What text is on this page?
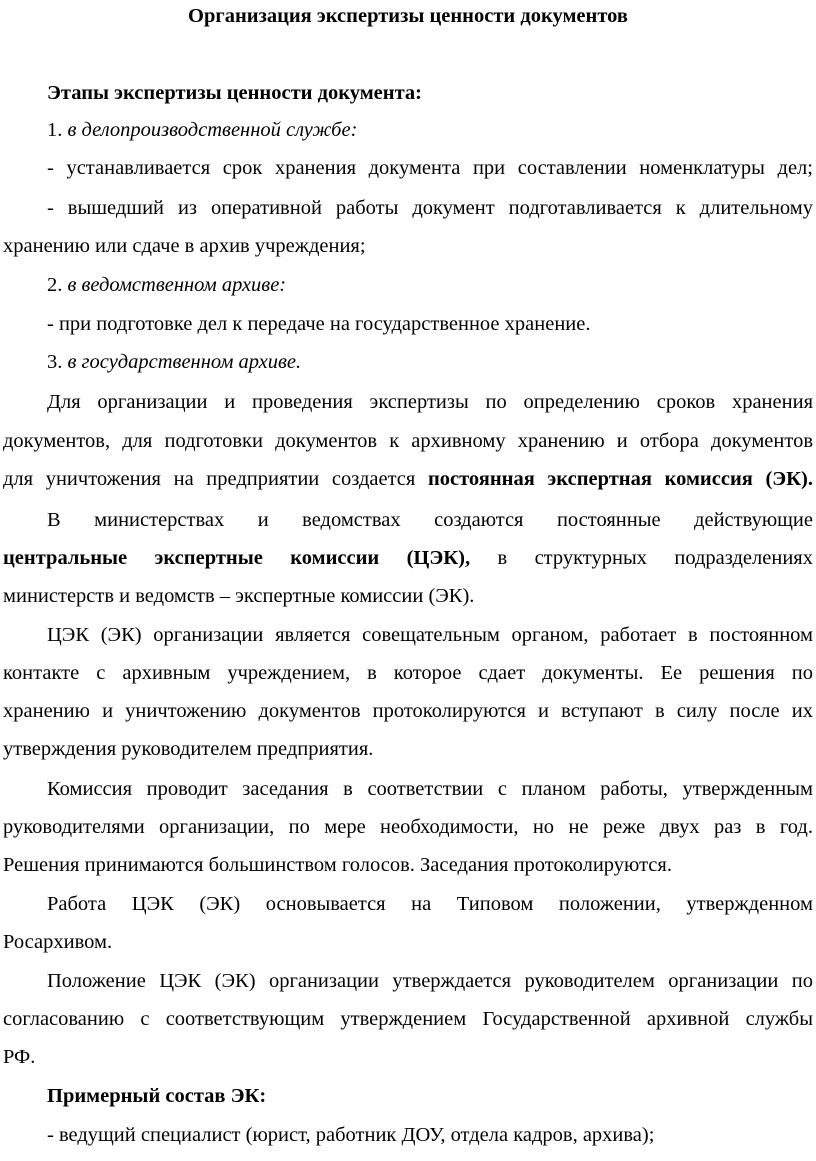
Организация экспертизы ценности документов

Этапы экспертизы ценности документа:

1. в делопроизводственной службе:

- устанавливается срок хранения документа при составлении номенклатуры дел;

- вышедший из оперативной работы документ подготавливается к длительному

хранению или сдаче в архив учреждения;

2. в ведомственном архиве:

- при подготовке дел к передаче на государственное хранение.

3. в государственном архиве.

Для организации и проведения экспертизы по определению сроков хранения

документов, для подготовки документов к архивному хранению и отбора документов

для уничтожения на предприятии создается постоянная экспертная комиссия (ЭК).

В министерствах и ведомствах создаются постоянные действующие

центральные экспертные комиссии (ЦЭК), в структурных подразделениях

министерств и ведомств – экспертные комиссии (ЭК).

ЦЭК (ЭК) организации является совещательным органом, работает в постоянном

контакте с архивным учреждением, в которое сдает документы. Ее решения по

хранению и уничтожению документов протоколируются и вступают в силу после их

утверждения руководителем предприятия.

Комиссия проводит заседания в соответствии с планом работы, утвержденным

руководителями организации, по мере необходимости, но не реже двух раз в год.

Решения принимаются большинством голосов. Заседания протоколируются.

Работа ЦЭК (ЭК) основывается на Типовом положении, утвержденном

Росархивом.

Положение ЦЭК (ЭК) организации утверждается руководителем организации по

согласованию с соответствующим утверждением Государственной архивной службы

РФ.

Примерный состав ЭК:

- ведущий специалист (юрист, работник ДОУ, отдела кадров, архива);
